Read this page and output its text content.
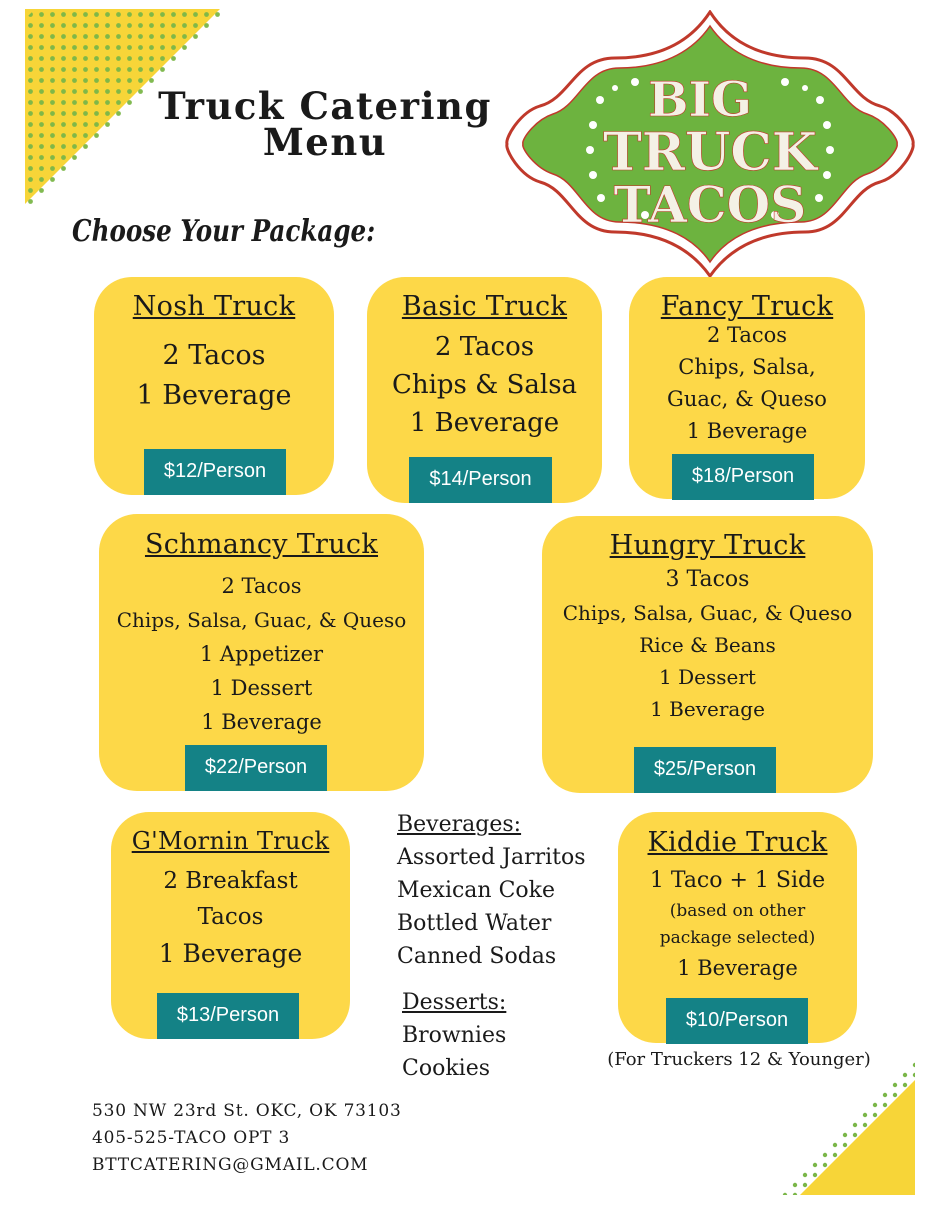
Truck Catering
Menu
Choose Your Package:
BIG
TRUCK
TACOS
Nosh Truck
2 Tacos
1 Beverage
$12/Person
Basic Truck
2 Tacos
Chips & Salsa
1 Beverage
$14/Person
Fancy Truck
2 Tacos
Chips, Salsa,
Guac, & Queso
1 Beverage
$18/Person
Schmancy Truck
2 Tacos
Chips, Salsa, Guac, & Queso
1 Appetizer
1 Dessert
1 Beverage
$22/Person
Hungry Truck
3 Tacos
Chips, Salsa, Guac, & Queso
Rice & Beans
1 Dessert
1 Beverage
$25/Person
G'Mornin Truck
2 Breakfast
Tacos
1 Beverage
$13/Person
Beverages:
Assorted Jarritos
Mexican Coke
Bottled Water
Canned Sodas
Desserts:
Brownies
Cookies
Kiddie Truck
1 Taco + 1 Side
(based on other
package selected)
1 Beverage
$10/Person
(For Truckers 12 & Younger)
530 NW 23rd St. OKC, OK 73103
405-525-TACO OPT 3
BTTCATERING@GMAIL.COM
